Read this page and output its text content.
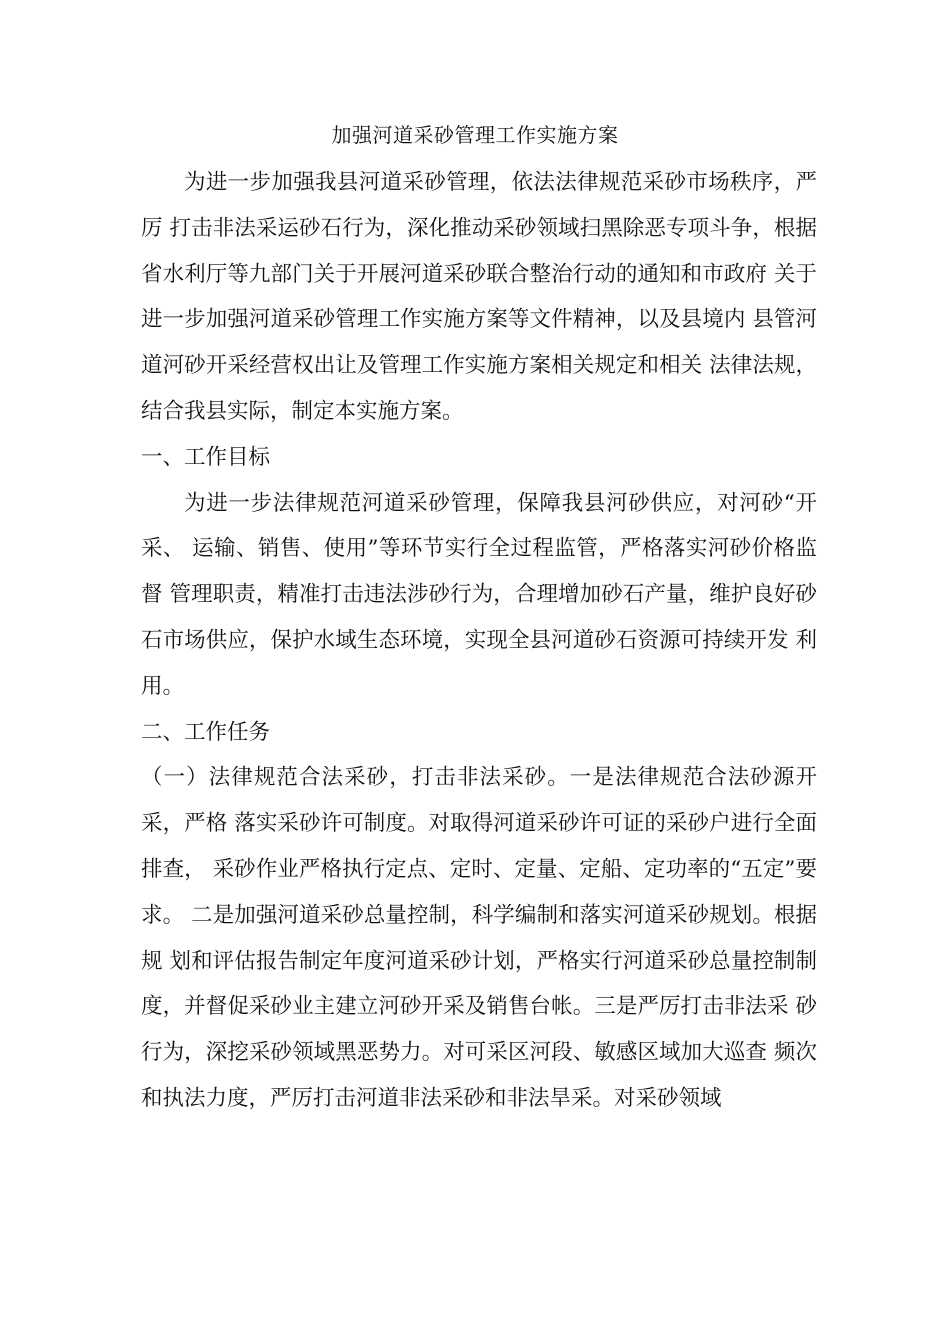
加强河道采砂管理工作实施方案

为进一步加强我县河道采砂管理，依法法律规范采砂市场秩序，严厉 打击非法采运砂石行为，深化推动采砂领域扫黑除恶专项斗争，根据省水利厅等九部门关于开展河道采砂联合整治行动的通知和市政府 关于进一步加强河道采砂管理工作实施方案等文件精神，以及县境内 县管河道河砂开采经营权出让及管理工作实施方案相关规定和相关 法律法规，结合我县实际，制定本实施方案。

一、工作目标

为进一步法律规范河道采砂管理，保障我县河砂供应，对河砂“开采、 运输、销售、使用”等环节实行全过程监管，严格落实河砂价格监督 管理职责，精准打击违法涉砂行为，合理增加砂石产量，维护良好砂石市场供应，保护水域生态环境，实现全县河道砂石资源可持续开发 利用。

二、工作任务

（一）法律规范合法采砂，打击非法采砂。一是法律规范合法砂源开采，严格 落实采砂许可制度。对取得河道采砂许可证的采砂户进行全面排查， 采砂作业严格执行定点、定时、定量、定船、定功率的“五定”要求。 二是加强河道采砂总量控制，科学编制和落实河道采砂规划。根据规 划和评估报告制定年度河道采砂计划，严格实行河道采砂总量控制制 度，并督促采砂业主建立河砂开采及销售台帐。三是严厉打击非法采 砂行为，深挖采砂领域黑恶势力。对可采区河段、敏感区域加大巡查 频次和执法力度，严厉打击河道非法采砂和非法旱采。对采砂领域
